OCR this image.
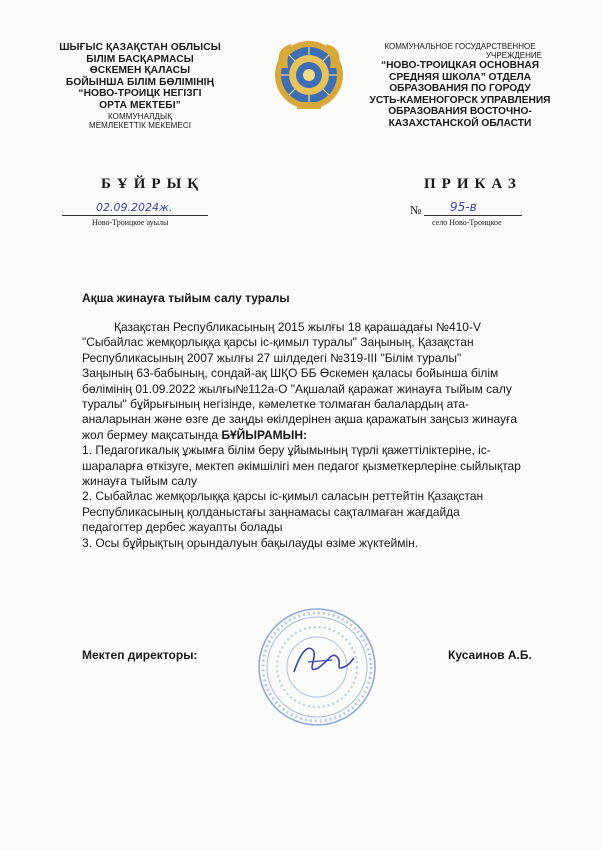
ШЫҒЫС ҚАЗАҚСТАН ОБЛЫСЫ
БІЛІМ БАСҚАРМАСЫ
ӨСКЕМЕН ҚАЛАСЫ
БОЙЫНША БІЛІМ БӨЛІМІНІҢ
“НОВО-ТРОИЦК НЕГІЗГІ
ОРТА МЕКТЕБІ”
КОММУНАЛДЫҚ
МЕМЛЕКЕТТІК МЕКЕМЕСІ
КОММУНАЛЬНОЕ ГОСУДАРСТВЕННОЕ
УЧРЕЖДЕНИЕ
“НОВО-ТРОИЦКАЯ ОСНОВНАЯ
СРЕДНЯЯ ШКОЛА” ОТДЕЛА
ОБРАЗОВАНИЯ ПО ГОРОДУ
УСТЬ-КАМЕНОГОРСК УПРАВЛЕНИЯ
ОБРАЗОВАНИЯ ВОСТОЧНО-
КАЗАХСТАНСКОЙ ОБЛАСТИ
БҰЙРЫҚ	ПРИКАЗ
02.09.2024ж.
Ново-Троицкое ауылы
№ 95-в
село Ново-Троицкое
Ақша жинауға тыйым салу туралы

Қазақстан Республикасының 2015 жылғы 18 қарашадағы №410-V

"Сыбайлас жемқорлыққа қарсы іс-қимыл туралы" Заңының, Қазақстан

Республикасының 2007 жылғы 27 шілдедегі №319-ІІІ "Білім туралы"

Заңының 63-бабының, сондай-ақ ШҚО ББ Өскемен қаласы бойынша білім

бөлімінің 01.09.2022 жылғы№112а-О "Ақшалай қаражат жинауға тыйым салу

туралы" бұйрығының негізінде, кәмелетке толмаған балалардың ата-

аналарынан және өзге де заңды өкілдерінен ақша қаражатын заңсыз жинауға

жол бермеу мақсатында БҰЙЫРАМЫН:

1. Педагогикалық ұжымға білім беру ұйымының түрлі қажеттіліктеріне, іс-

шараларға өткізуге, мектеп әкімшілігі мен педагог қызметкерлеріне сыйлықтар

жинауға тыйым салу

2. Сыбайлас жемқорлыққа қарсы іс-қимыл саласын реттейтін Қазақстан

Республикасының қолданыстағы заңнамасы сақталмаған жағдайда

педагогтер дербес жауапты болады

3. Осы бұйрықтың орындалуын бақылауды өзіме жүктеймін.

Мектеп директоры:	Кусаинов А.Б.
